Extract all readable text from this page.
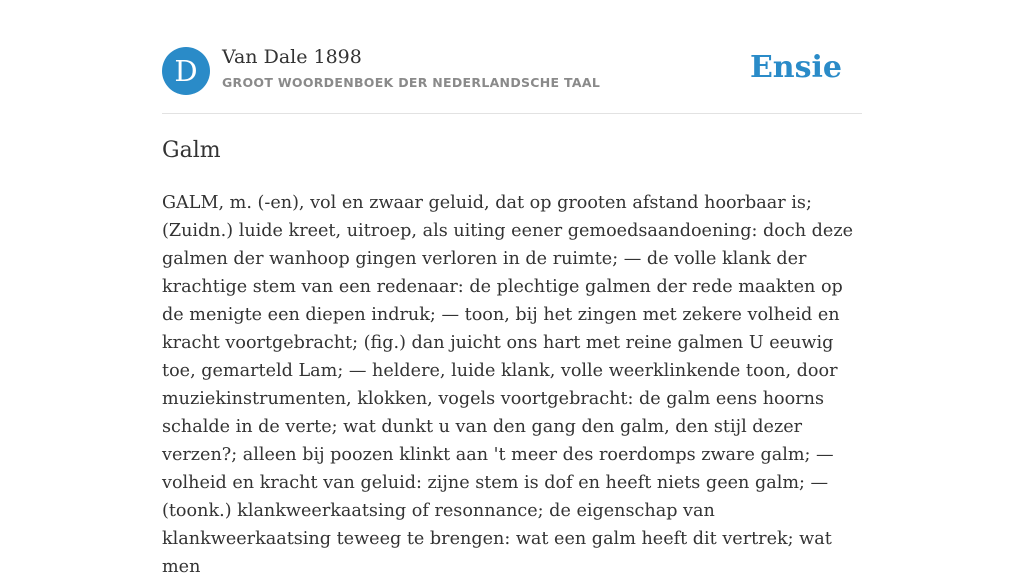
D	Van Dale 1898
GROOT WOORDENBOEK DER NEDERLANDSCHE TAAL	Ensie
Galm

GALM, m. (-en), vol en zwaar geluid, dat op grooten afstand hoorbaar is; (Zuidn.) luide kreet, uitroep, als uiting eener gemoedsaandoening: doch deze galmen der wanhoop gingen verloren in de ruimte; — de volle klank der krachtige stem van een redenaar: de plechtige galmen der rede maakten op de menigte een diepen indruk; — toon, bij het zingen met zekere volheid en kracht voortgebracht; (fig.) dan juicht ons hart met reine galmen U eeuwig toe, gemarteld Lam; — heldere, luide klank, volle weerklinkende toon, door muziekinstrumenten, klokken, vogels voortgebracht: de galm eens hoorns schalde in de verte; wat dunkt u van den gang den galm, den stijl dezer verzen?; alleen bij poozen klinkt aan 't meer des roerdomps zware galm; — volheid en kracht van geluid: zijne stem is dof en heeft niets geen galm; — (toonk.) klankweerkaatsing of resonnance; de eigenschap van klankweerkaatsing teweeg te brengen: wat een galm heeft dit vertrek; wat men
